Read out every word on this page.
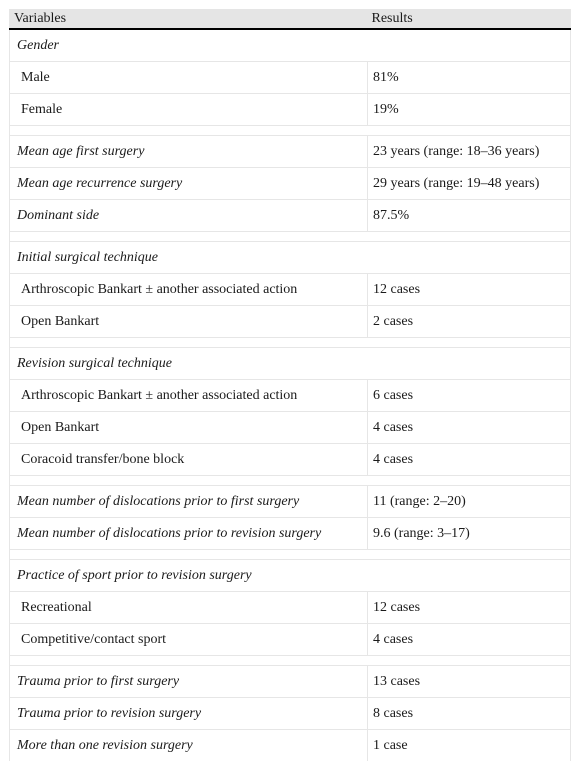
Variables	Results
Gender	
Male	81%
Female	19%

Mean age first surgery	23 years (range: 18–36 years)
Mean age recurrence surgery	29 years (range: 19–48 years)
Dominant side	87.5%

Initial surgical technique	
Arthroscopic Bankart ± another associated action	12 cases
Open Bankart	2 cases

Revision surgical technique	
Arthroscopic Bankart ± another associated action	6 cases
Open Bankart	4 cases
Coracoid transfer/bone block	4 cases

Mean number of dislocations prior to first surgery	11 (range: 2–20)
Mean number of dislocations prior to revision surgery	9.6 (range: 3–17)

Practice of sport prior to revision surgery	
Recreational	12 cases
Competitive/contact sport	4 cases

Trauma prior to first surgery	13 cases
Trauma prior to revision surgery	8 cases
More than one revision surgery	1 case
